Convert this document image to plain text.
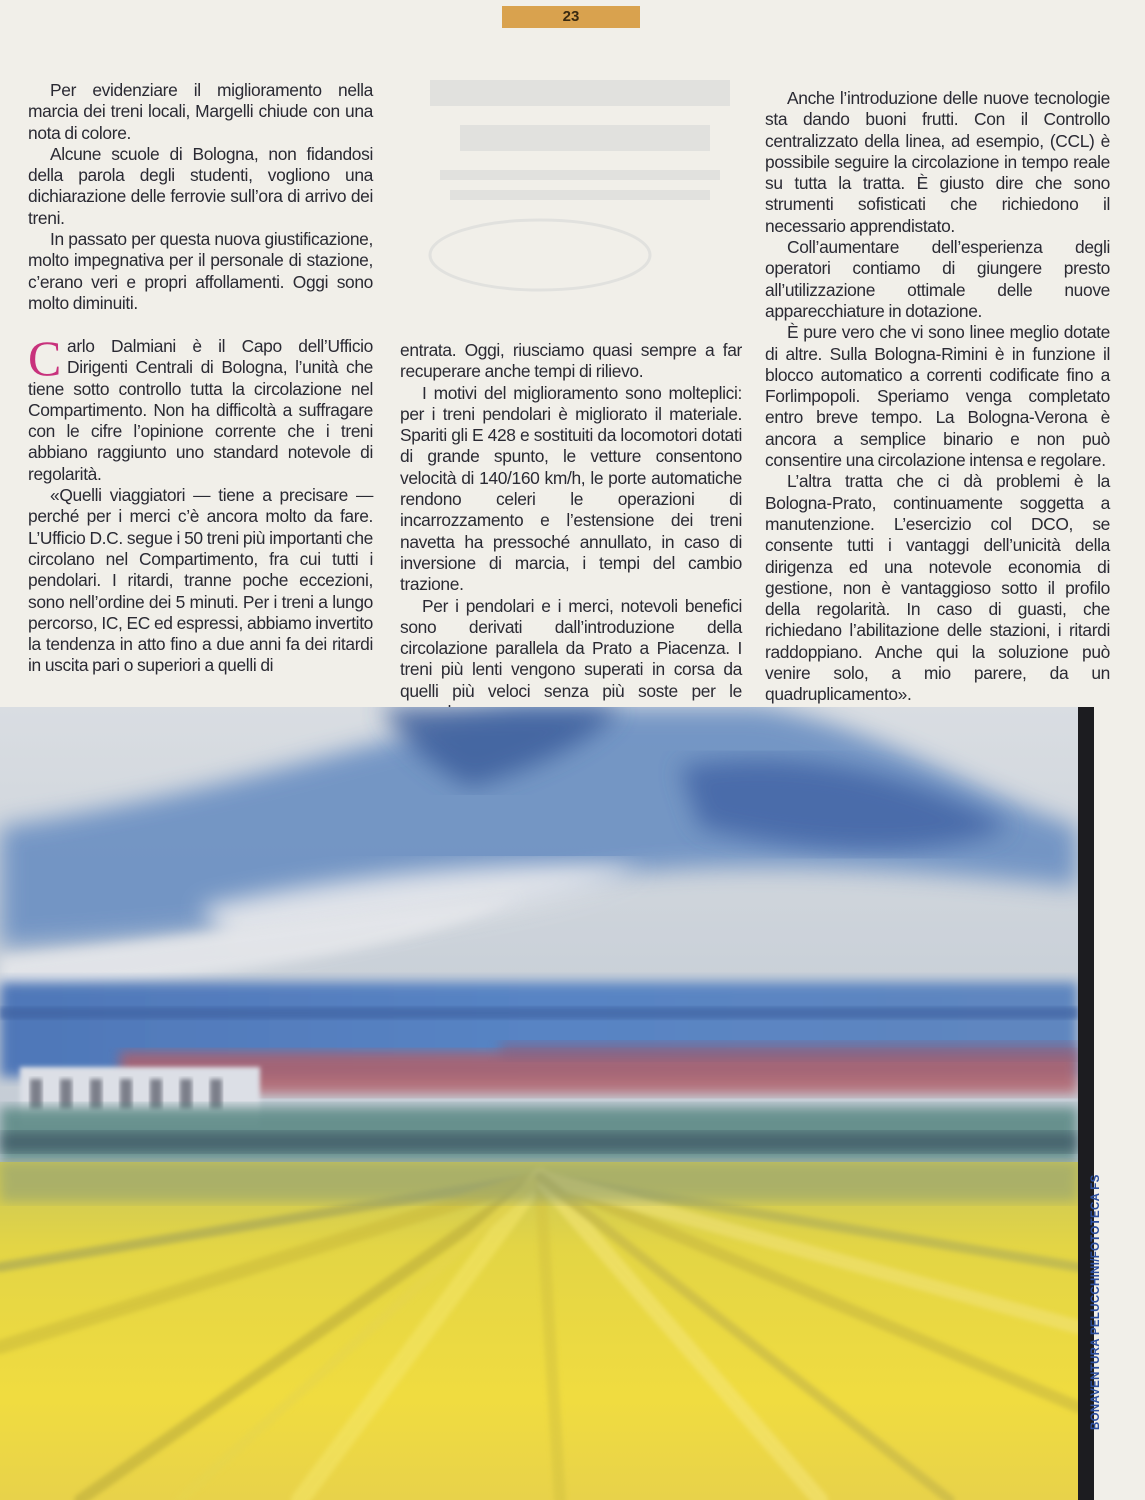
23

Per evidenziare il miglioramento nella marcia dei treni locali, Margelli chiude con una nota di colore.

Alcune scuole di Bologna, non fidandosi della parola degli studenti, vogliono una dichiarazione delle ferrovie sull’ora di arrivo dei treni.

In passato per questa nuova giustificazione, molto impegnativa per il personale di stazione, c’erano veri e propri affollamenti. Oggi sono molto diminuiti.

Carlo Dalmiani è il Capo dell’Ufficio Dirigenti Centrali di Bologna, l’unità che tiene sotto controllo tutta la circolazione nel Compartimento. Non ha difficoltà a suffragare con le cifre l’opinione corrente che i treni abbiano raggiunto uno standard notevole di regolarità.

«Quelli viaggiatori — tiene a precisare — perché per i merci c’è ancora molto da fare. L’Ufficio D.C. segue i 50 treni più importanti che circolano nel Compartimento, fra cui tutti i pendolari. I ritardi, tranne poche eccezioni, sono nell’ordine dei 5 minuti. Per i treni a lungo percorso, IC, EC ed espressi, abbiamo invertito la tendenza in atto fino a due anni fa dei ritardi in uscita pari o superiori a quelli di

entrata. Oggi, riusciamo quasi sempre a far recuperare anche tempi di rilievo.

I motivi del miglioramento sono molteplici: per i treni pendolari è migliorato il materiale. Spariti gli E 428 e sostituiti da locomotori dotati di grande spunto, le vetture consentono velocità di 140/160 km/h, le porte automatiche rendono celeri le operazioni di incarrozzamento e l’estensione dei treni navetta ha pressoché annullato, in caso di inversione di marcia, i tempi del cambio trazione.

Per i pendolari e i merci, notevoli benefici sono derivati dall’introduzione della circolazione parallela da Prato a Piacenza. I treni più lenti vengono superati in corsa da quelli più veloci senza più soste per le

Anche l’introduzione delle nuove tecnologie sta dando buoni frutti. Con il Controllo centralizzato della linea, ad esempio, (CCL) è possibile seguire la circolazione in tempo reale su tutta la tratta. È giusto dire che sono strumenti sofisticati che richiedono il necessario apprendistato.

Coll’aumentare dell’esperienza degli operatori contiamo di giungere presto all’utilizzazione ottimale delle nuove apparecchiature in dotazione.

È pure vero che vi sono linee meglio dotate di altre. Sulla Bologna-Rimini è in funzione il blocco automatico a correnti codificate fino a Forlimpopoli. Speriamo venga completato entro breve tempo. La Bologna-Verona è ancora a semplice binario e non può consentire una circolazione intensa e regolare.

L’altra tratta che ci dà problemi è la Bologna-Prato, continuamente soggetta a manutenzione. L’esercizio col DCO, se consente tutti i vantaggi dell’unicità della dirigenza ed una notevole economia di gestione, non è vantaggioso sotto il profilo della regolarità. In caso di guasti, che richiedano l’abilitazione delle stazioni, i ritardi raddoppiano. Anche qui la soluzione può venire solo, a mio parere, da un quadruplicamento».

BONAVENTURA PELUCCHINI/FOTOTECA FS
